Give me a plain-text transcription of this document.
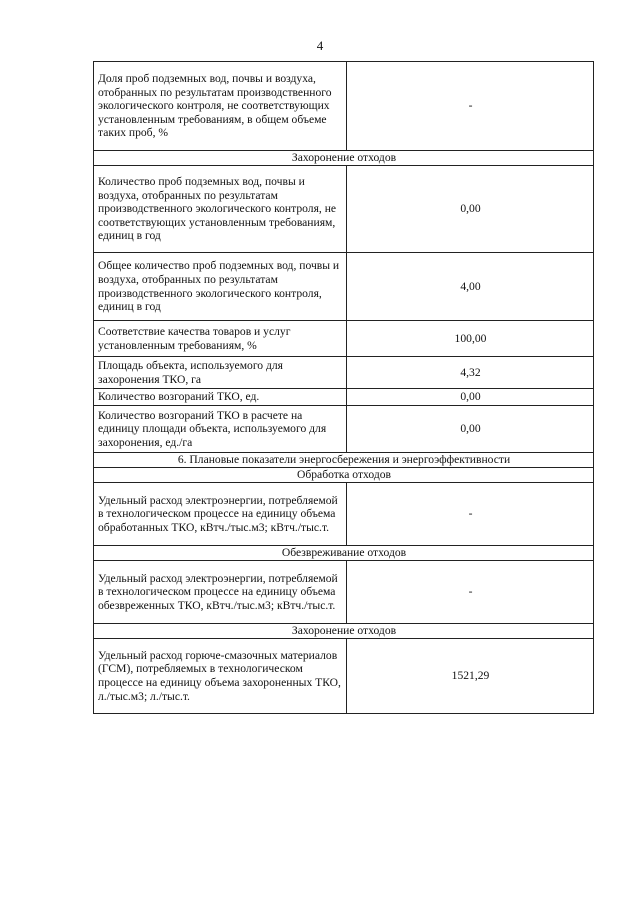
4
Доля проб подземных вод, почвы и воздуха, отобранных по результатам производственного экологического контроля, не соответствующих установленным требованиям, в общем объеме таких проб, %	-
Захоронение отходов	
Количество проб подземных вод, почвы и воздуха, отобранных по результатам производственного экологического контроля, не соответствующих установленным требованиям, единиц в год	0,00
Общее количество проб подземных вод, почвы и воздуха, отобранных по результатам производственного экологического контроля, единиц в год	4,00
Соответствие качества товаров и услуг установленным требованиям, %	100,00
Площадь объекта, используемого для захоронения ТКО, га	4,32
Количество возгораний ТКО, ед.	0,00
Количество возгораний ТКО в расчете на единицу площади объекта, используемого для захоронения, ед./га	0,00
6. Плановые показатели энергосбережения и энергоэффективности	
Обработка отходов	
Удельный расход электроэнергии, потребляемой в технологическом процессе на единицу объема обработанных ТКО, кВтч./тыс.м3; кВтч./тыс.т.	-
Обезвреживание отходов	
Удельный расход электроэнергии, потребляемой в технологическом процессе на единицу объема обезвреженных ТКО, кВтч./тыс.м3; кВтч./тыс.т.	-
Захоронение отходов	
Удельный расход горюче-смазочных материалов (ГСМ), потребляемых в технологическом процессе на единицу объема захороненных ТКО, л./тыс.м3; л./тыс.т.	1521,29
